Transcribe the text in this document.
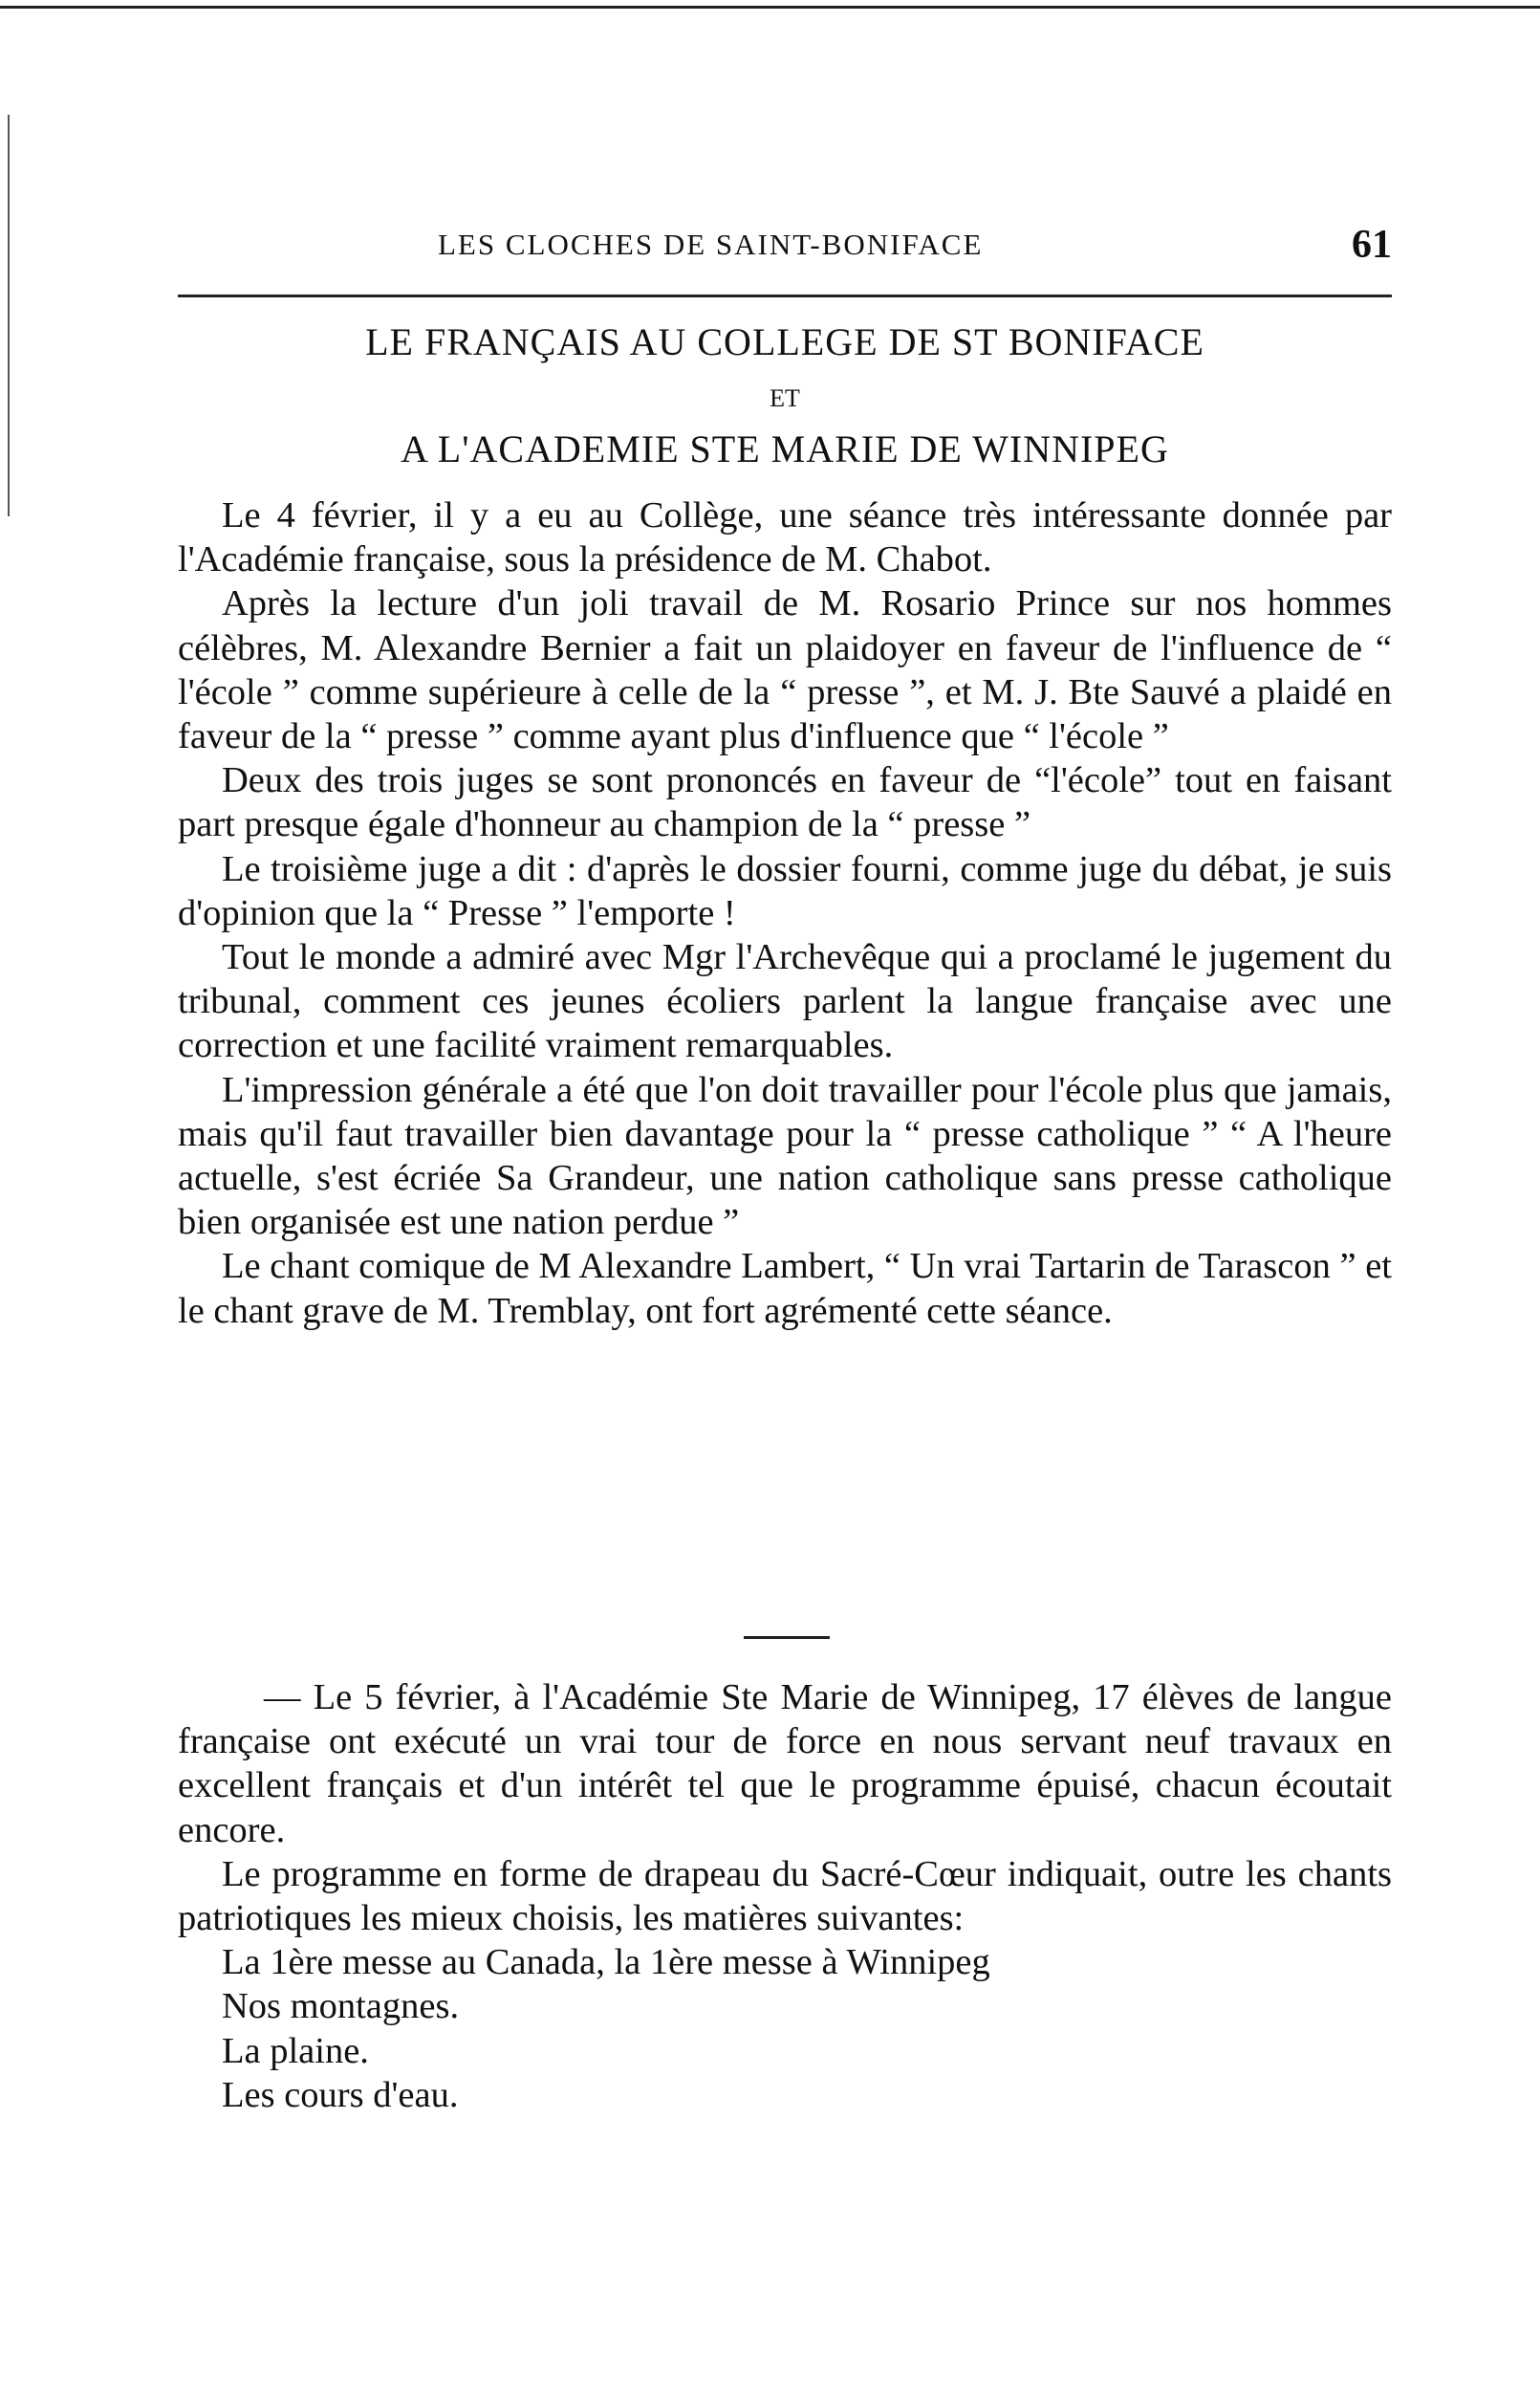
LES CLOCHES DE SAINT-BONIFACE	61
LE FRANÇAIS AU COLLEGE DE ST BONIFACE
ET
A L'ACADEMIE STE MARIE DE WINNIPEG

Le 4 février, il y a eu au Collège, une séance très intéressante donnée par l'Académie française, sous la présidence de M. Chabot.

Après la lecture d'un joli travail de M. Rosario Prince sur nos hommes célèbres, M. Alexandre Bernier a fait un plaidoyer en faveur de l'influence de “ l'école ” comme supérieure à celle de la “ presse ”, et M. J. Bte Sauvé a plaidé en faveur de la “ presse ” comme ayant plus d'influence que “ l'école ”

Deux des trois juges se sont prononcés en faveur de “l'école” tout en faisant part presque égale d'honneur au champion de la “ presse ”

Le troisième juge a dit : d'après le dossier fourni, comme juge du débat, je suis d'opinion que la “ Presse ” l'emporte !

Tout le monde a admiré avec Mgr l'Archevêque qui a proclamé le jugement du tribunal, comment ces jeunes écoliers parlent la langue française avec une correction et une facilité vraiment remarquables.

L'impression générale a été que l'on doit travailler pour l'école plus que jamais, mais qu'il faut travailler bien davantage pour la “ presse catholique ” “ A l'heure actuelle, s'est écriée Sa Grandeur, une nation catholique sans presse catholique bien organisée est une nation perdue ”

Le chant comique de M Alexandre Lambert, “ Un vrai Tartarin de Tarascon ” et le chant grave de M. Tremblay, ont fort agrémenté cette séance.

— Le 5 février, à l'Académie Ste Marie de Winnipeg, 17 élèves de langue française ont exécuté un vrai tour de force en nous servant neuf travaux en excellent français et d'un intérêt tel que le programme épuisé, chacun écoutait encore.

Le programme en forme de drapeau du Sacré-Cœur indiquait, outre les chants patriotiques les mieux choisis, les matières suivantes:

La 1ère messe au Canada, la 1ère messe à Winnipeg
Nos montagnes.
La plaine.
Les cours d'eau.
